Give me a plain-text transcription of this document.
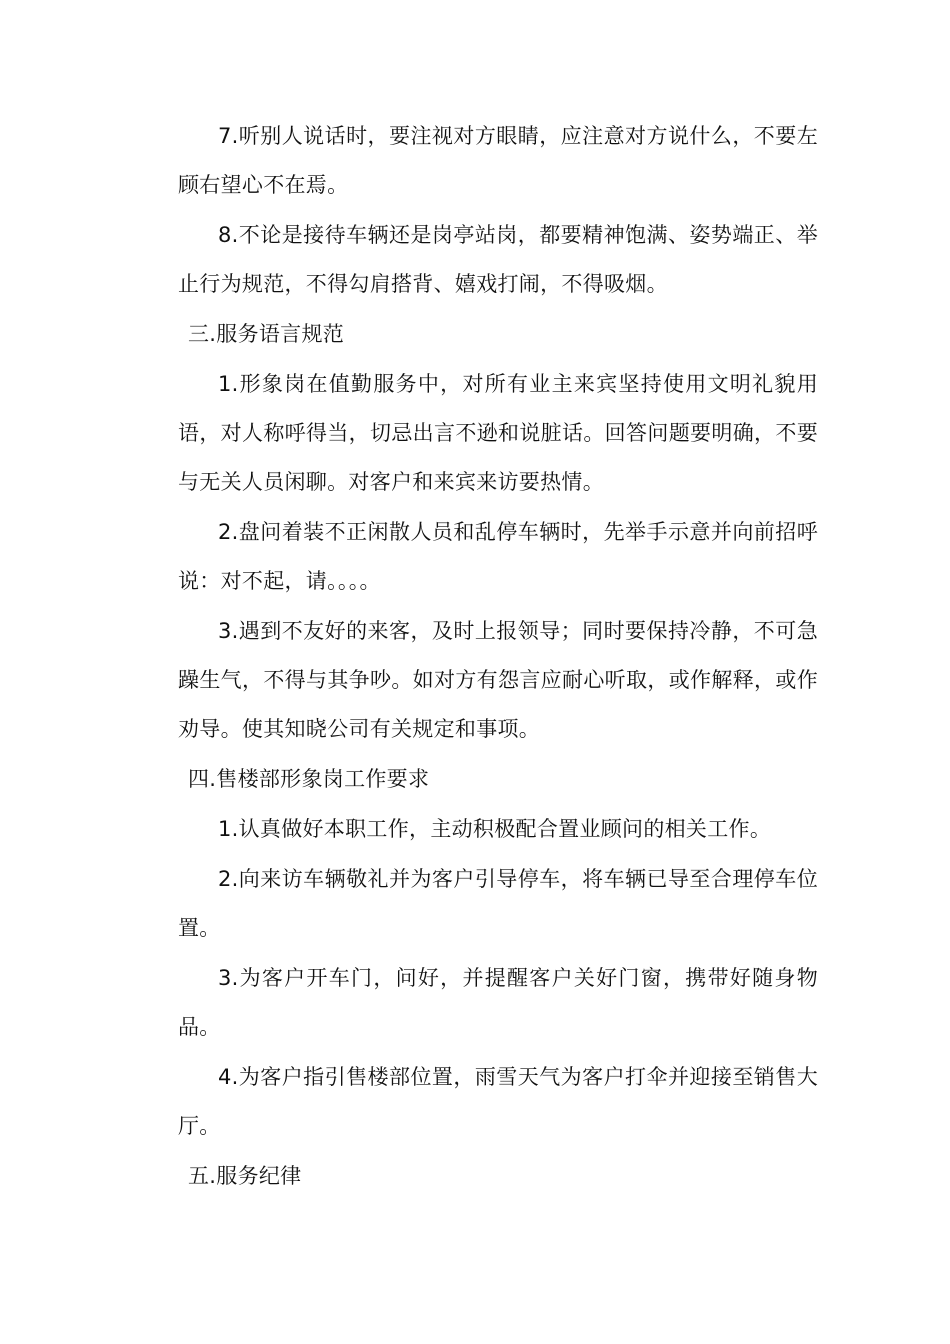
7.听别人说话时，要注视对方眼睛，应注意对方说什么，不要左顾右望心不在焉。

8.不论是接待车辆还是岗亭站岗，都要精神饱满、姿势端正、举止行为规范，不得勾肩搭背、嬉戏打闹，不得吸烟。

三.服务语言规范

1.形象岗在值勤服务中，对所有业主来宾坚持使用文明礼貌用语，对人称呼得当，切忌出言不逊和说脏话。回答问题要明确，不要与无关人员闲聊。对客户和来宾来访要热情。

2.盘问着装不正闲散人员和乱停车辆时，先举手示意并向前招呼说：对不起，请。。。。

3.遇到不友好的来客，及时上报领导；同时要保持冷静，不可急躁生气，不得与其争吵。如对方有怨言应耐心听取，或作解释，或作劝导。使其知晓公司有关规定和事项。

四.售楼部形象岗工作要求

1.认真做好本职工作，主动积极配合置业顾问的相关工作。

2.向来访车辆敬礼并为客户引导停车，将车辆已导至合理停车位置。

3.为客户开车门，问好，并提醒客户关好门窗，携带好随身物品。

4.为客户指引售楼部位置，雨雪天气为客户打伞并迎接至销售大厅。

五.服务纪律
